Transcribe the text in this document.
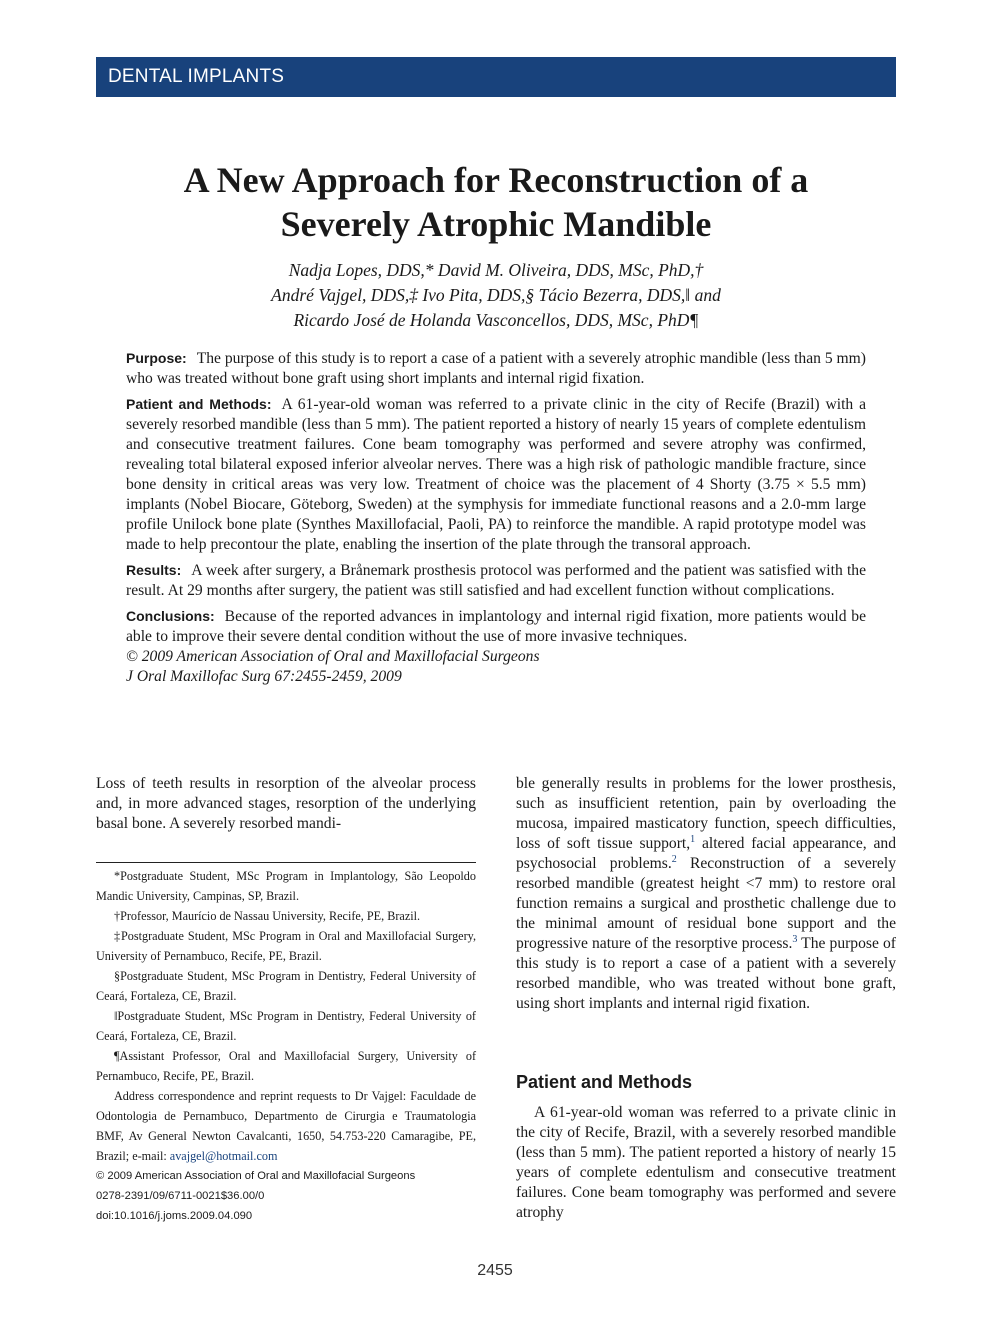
DENTAL IMPLANTS
A New Approach for Reconstruction of a
Severely Atrophic Mandible
Nadja Lopes, DDS,* David M. Oliveira, DDS, MSc, PhD,†
André Vajgel, DDS,‡ Ivo Pita, DDS,§ Tácio Bezerra, DDS,‖ and
Ricardo José de Holanda Vasconcellos, DDS, MSc, PhD¶

Purpose: The purpose of this study is to report a case of a patient with a severely atrophic mandible (less than 5 mm) who was treated without bone graft using short implants and internal rigid fixation.

Patient and Methods: A 61-year-old woman was referred to a private clinic in the city of Recife (Brazil) with a severely resorbed mandible (less than 5 mm). The patient reported a history of nearly 15 years of complete edentulism and consecutive treatment failures. Cone beam tomography was performed and severe atrophy was confirmed, revealing total bilateral exposed inferior alveolar nerves. There was a high risk of pathologic mandible fracture, since bone density in critical areas was very low. Treatment of choice was the placement of 4 Shorty (3.75 × 5.5 mm) implants (Nobel Biocare, Göteborg, Sweden) at the symphysis for immediate functional reasons and a 2.0-mm large profile Unilock bone plate (Synthes Maxillofacial, Paoli, PA) to reinforce the mandible. A rapid prototype model was made to help precontour the plate, enabling the insertion of the plate through the transoral approach.

Results: A week after surgery, a Brånemark prosthesis protocol was performed and the patient was satisfied with the result. At 29 months after surgery, the patient was still satisfied and had excellent function without complications.

Conclusions: Because of the reported advances in implantology and internal rigid fixation, more patients would be able to improve their severe dental condition without the use of more invasive techniques.

© 2009 American Association of Oral and Maxillofacial Surgeons
J Oral Maxillofac Surg 67:2455-2459, 2009

Loss of teeth results in resorption of the alveolar process and, in more advanced stages, resorption of the underlying basal bone. A severely resorbed mandi-

*Postgraduate Student, MSc Program in Implantology, São Leopoldo Mandic University, Campinas, SP, Brazil.

†Professor, Maurício de Nassau University, Recife, PE, Brazil.

‡Postgraduate Student, MSc Program in Oral and Maxillofacial Surgery, University of Pernambuco, Recife, PE, Brazil.

§Postgraduate Student, MSc Program in Dentistry, Federal University of Ceará, Fortaleza, CE, Brazil.

‖Postgraduate Student, MSc Program in Dentistry, Federal University of Ceará, Fortaleza, CE, Brazil.

¶Assistant Professor, Oral and Maxillofacial Surgery, University of Pernambuco, Recife, PE, Brazil.

Address correspondence and reprint requests to Dr Vajgel: Faculdade de Odontologia de Pernambuco, Departmento de Cirurgia e Traumatologia BMF, Av General Newton Cavalcanti, 1650, 54.753-220 Camaragibe, PE, Brazil; e-mail: avajgel@hotmail.com

© 2009 American Association of Oral and Maxillofacial Surgeons

0278-2391/09/6711-0021$36.00/0

doi:10.1016/j.joms.2009.04.090

ble generally results in problems for the lower prosthesis, such as insufficient retention, pain by overloading the mucosa, impaired masticatory function, speech difficulties, loss of soft tissue support,$^1$ altered facial appearance, and psychosocial problems.$^2$ Reconstruction of a severely resorbed mandible (greatest height <7 mm) to restore oral function remains a surgical and prosthetic challenge due to the minimal amount of residual bone support and the progressive nature of the resorptive process.$^3$ The purpose of this study is to report a case of a patient with a severely resorbed mandible, who was treated without bone graft, using short implants and internal rigid fixation.

Patient and Methods

A 61-year-old woman was referred to a private clinic in the city of Recife, Brazil, with a severely resorbed mandible (less than 5 mm). The patient reported a history of nearly 15 years of complete edentulism and consecutive treatment failures. Cone beam tomography was performed and severe atrophy

2455
